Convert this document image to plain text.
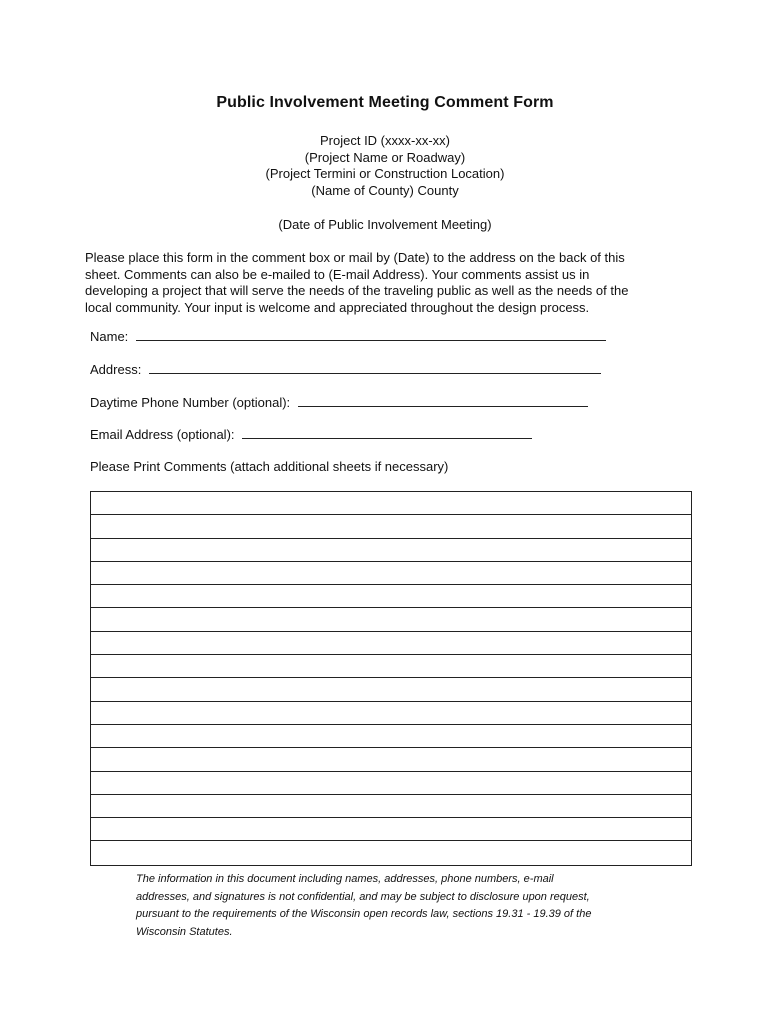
Public Involvement Meeting Comment Form
Project ID (xxxx-xx-xx)
(Project Name or Roadway)
(Project Termini or Construction Location)
(Name of County) County
(Date of Public Involvement Meeting)
Please place this form in the comment box or mail by (Date) to the address on the back of this
sheet. Comments can also be e-mailed to (E-mail Address). Your comments assist us in
developing a project that will serve the needs of the traveling public as well as the needs of the
local community. Your input is welcome and appreciated throughout the design process.
Name:
Address:
Daytime Phone Number (optional):
Email Address (optional):
Please Print Comments (attach additional sheets if necessary)
The information in this document including names, addresses, phone numbers, e-mail
addresses, and signatures is not confidential, and may be subject to disclosure upon request,
pursuant to the requirements of the Wisconsin open records law, sections 19.31 - 19.39 of the
Wisconsin Statutes.
